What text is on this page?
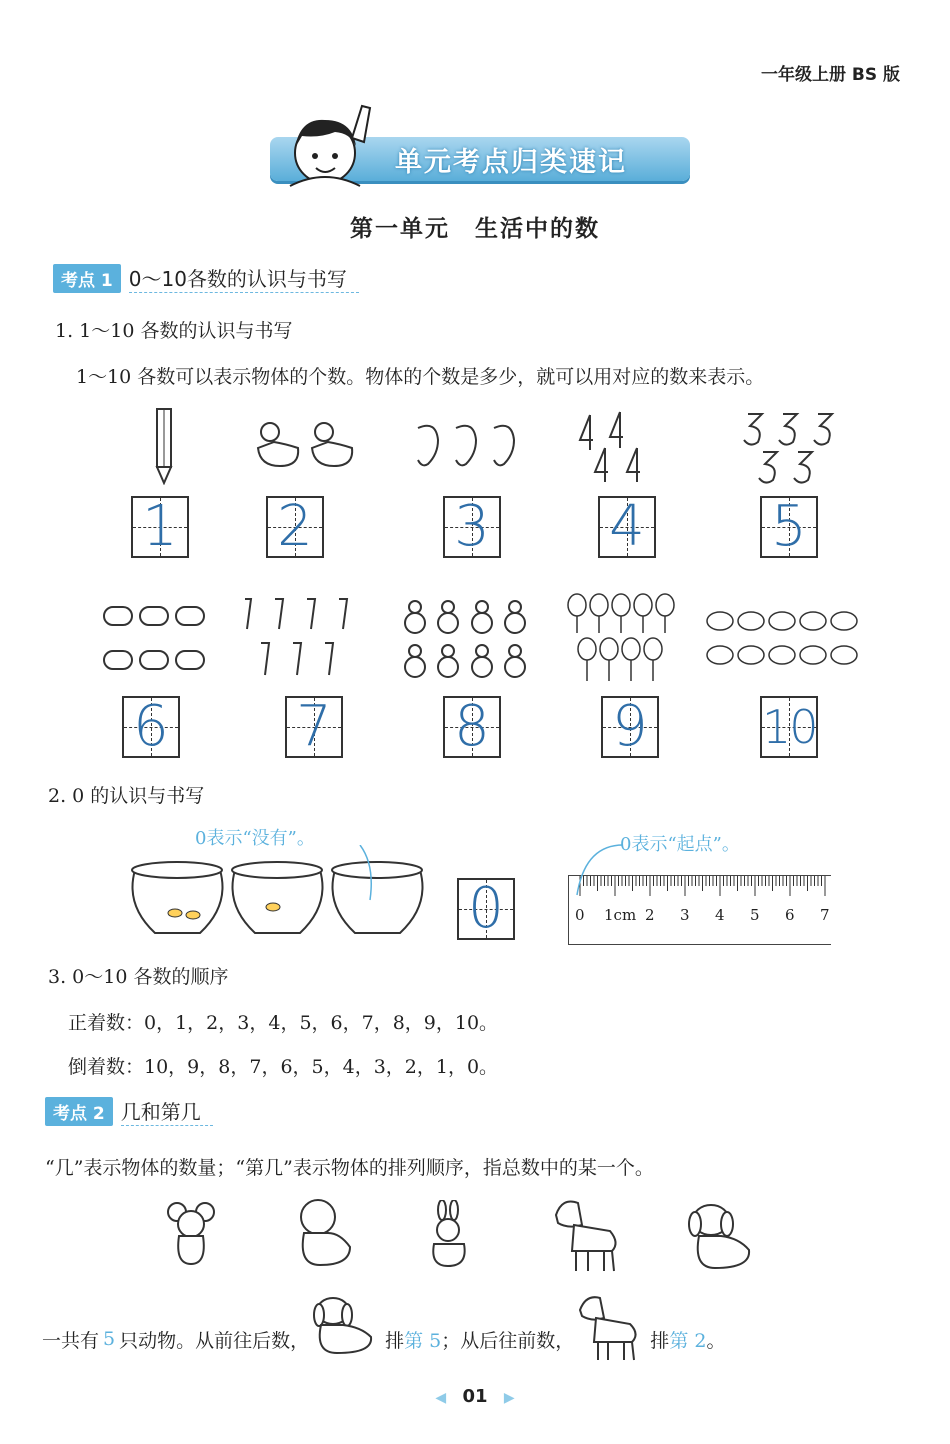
一年级上册 BS 版
单元考点归类速记
第一单元　生活中的数
考点 1 0～10各数的认识与书写
1. 1～10 各数的认识与书写
1～10 各数可以表示物体的个数。物体的个数是多少，就可以用对应的数来表示。
1 2	3 4 5
6 7 8 9 10
2. 0 的认识与书写
0表示“没有”。
0
0表示“起点”。
0 1cm 2 3 4 5 6 7
3. 0～10 各数的顺序
正着数：0，1，2，3，4，5，6，7，8，9，10。
倒着数：10，9，8，7，6，5，4，3，2，1，0。
考点 2 几和第几
“几”表示物体的数量；“第几”表示物体的排列顺序，指总数中的某一个。
一共有 5 只动物。从前往后数，	排 第 5 ；从后往前数，	排 第 2 。
◀ 01 ▶
